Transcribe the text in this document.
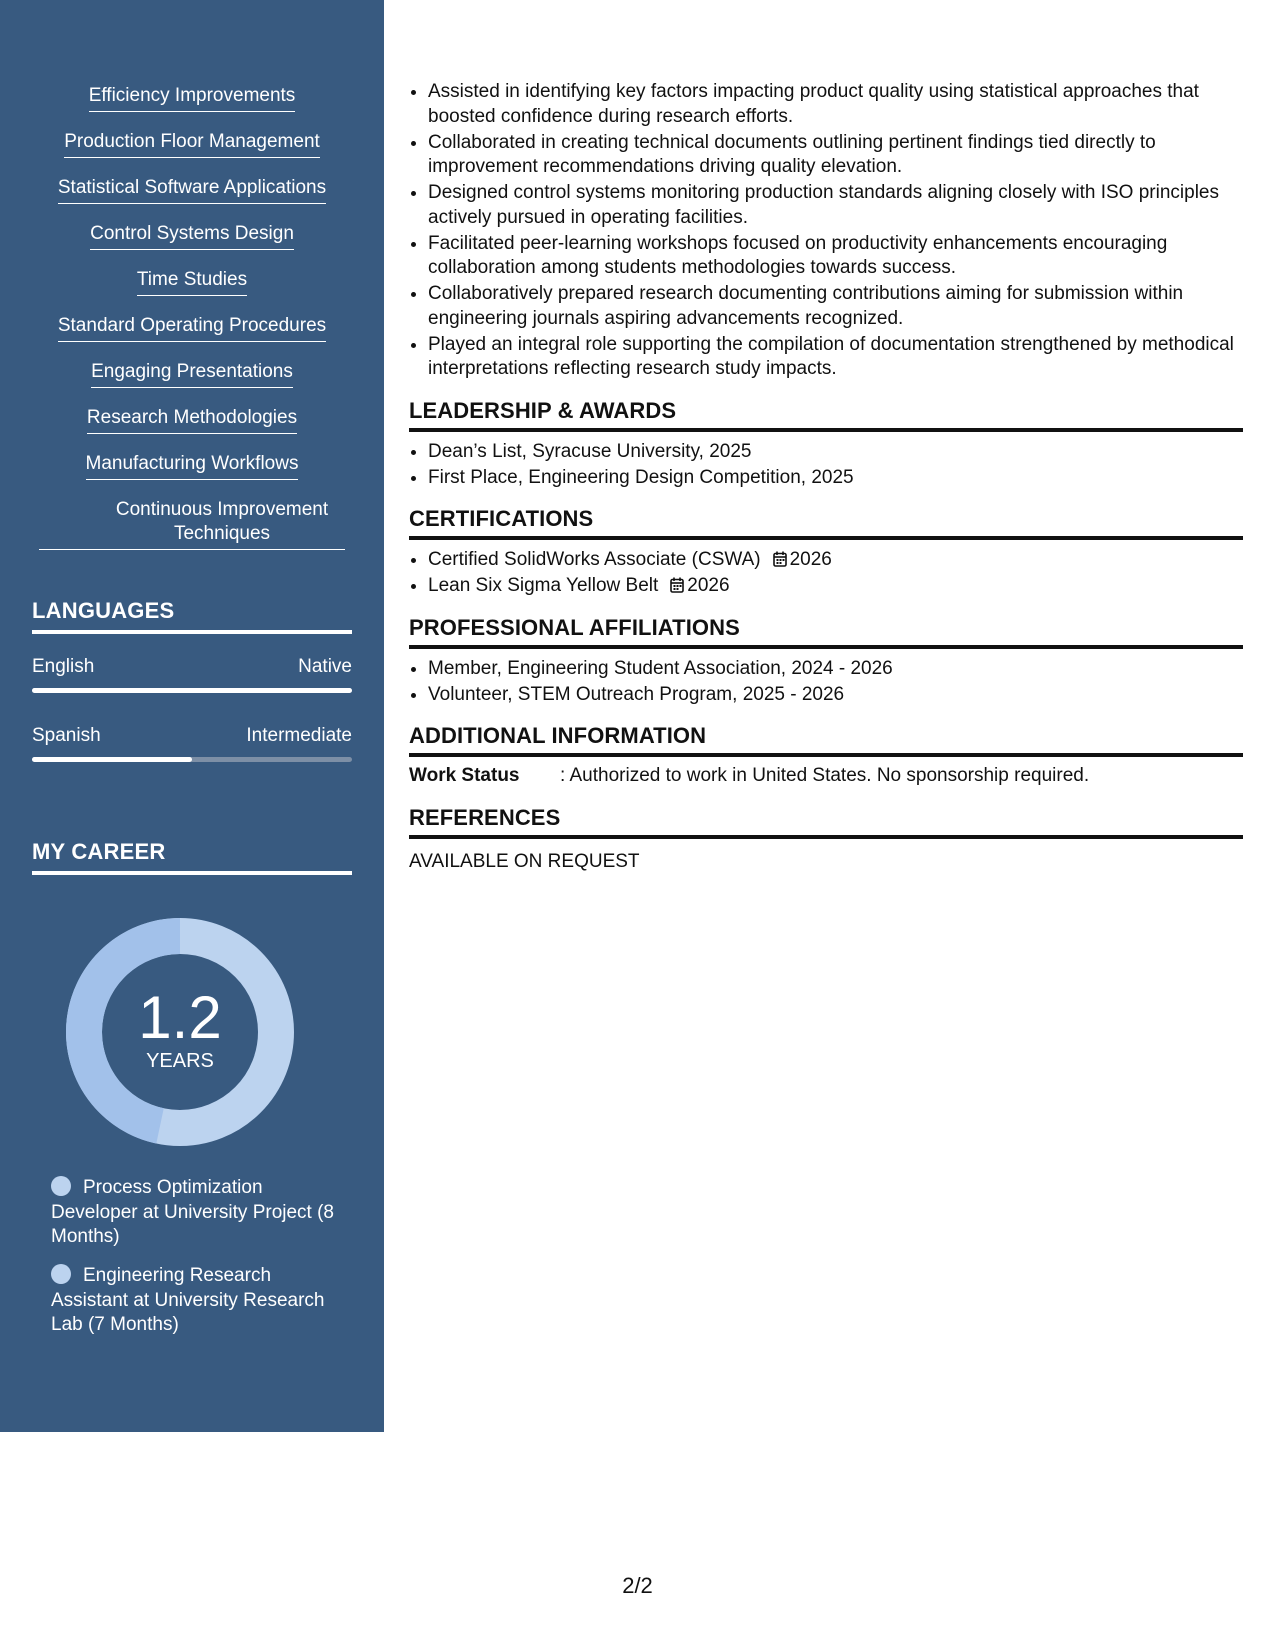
Efficiency Improvements
Production Floor Management
Statistical Software Applications
Control Systems Design
Time Studies
Standard Operating Procedures
Engaging Presentations
Research Methodologies
Manufacturing Workflows
Continuous Improvement Techniques
LANGUAGES
English	Native
Spanish	Intermediate
MY CAREER
1.2
YEARS
Process Optimization Developer at University Project (8 Months)
Engineering Research Assistant at University Research Lab (7 Months)
• Assisted in identifying key factors impacting product quality using statistical approaches that boosted confidence during research efforts.
• Collaborated in creating technical documents outlining pertinent findings tied directly to improvement recommendations driving quality elevation.
• Designed control systems monitoring production standards aligning closely with ISO principles actively pursued in operating facilities.
• Facilitated peer-learning workshops focused on productivity enhancements encouraging collaboration among students methodologies towards success.
• Collaboratively prepared research documenting contributions aiming for submission within engineering journals aspiring advancements recognized.
• Played an integral role supporting the compilation of documentation strengthened by methodical interpretations reflecting research study impacts.
LEADERSHIP & AWARDS
• Dean’s List, Syracuse University, 2025
• First Place, Engineering Design Competition, 2025
CERTIFICATIONS
• Certified SolidWorks Associate (CSWA) 2026
• Lean Six Sigma Yellow Belt 2026
PROFESSIONAL AFFILIATIONS
• Member, Engineering Student Association, 2024 - 2026
• Volunteer, STEM Outreach Program, 2025 - 2026
ADDITIONAL INFORMATION
Work Status	: Authorized to work in United States. No sponsorship required.
REFERENCES
AVAILABLE ON REQUEST
2/2
